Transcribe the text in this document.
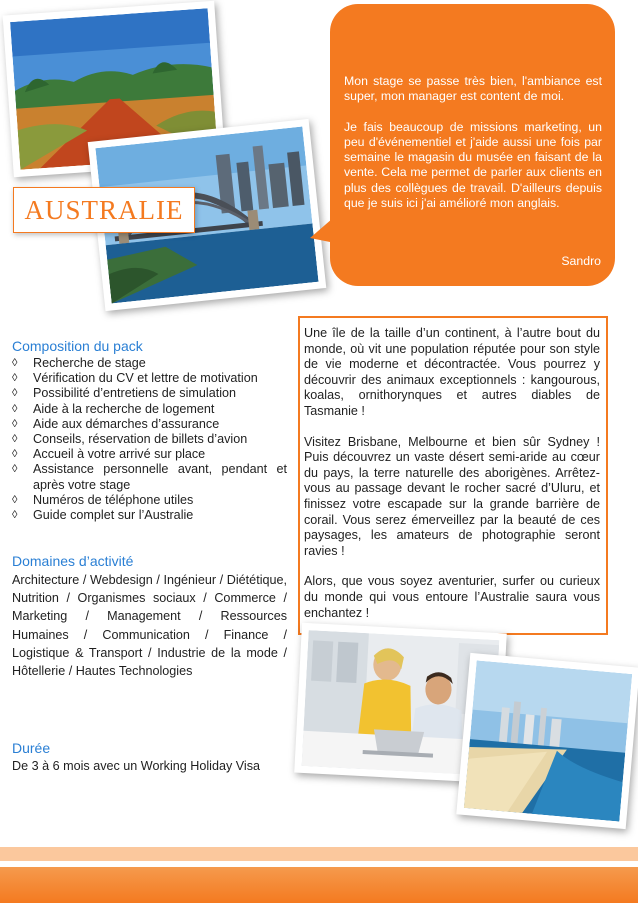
AUSTRALIE

Mon stage se passe très bien, l'ambiance est super, mon manager est content de moi.

Je fais beaucoup de missions marketing, un peu d'événementiel et j'aide aussi une fois par semaine le magasin du musée en faisant de la vente. Cela me permet de parler aux clients en plus des collègues de travail. D'ailleurs depuis que je suis ici j'ai amélioré mon anglais.

Sandro
Composition du pack
◊ Recherche de stage
◊ Vérification du CV et lettre de motivation
◊ Possibilité d’entretiens de simulation
◊ Aide à la recherche de logement
◊ Aide aux démarches d’assurance
◊ Conseils, réservation de billets d’avion
◊ Accueil à votre arrivé sur place
◊ Assistance personnelle avant, pendant et après votre stage
◊ Numéros de téléphone utiles
◊ Guide complet sur l’Australie
Domaines d’activité
Architecture / Webdesign / Ingénieur / Diététique, Nutrition / Organismes sociaux / Commerce / Marketing / Management / Ressources Humaines / Communication / Finance / Logistique & Transport / Industrie de la mode / Hôtellerie / Hautes Technologies
Durée
De 3 à 6 mois avec un Working Holiday Visa

Une île de la taille d’un continent, à l’autre bout du monde, où vit une population réputée pour son style de vie moderne et décontractée. Vous pourrez y découvrir des animaux exceptionnels : kangourous, koalas, ornithorynques et autres diables de Tasmanie !

Visitez Brisbane, Melbourne et bien sûr Sydney ! Puis découvrez un vaste désert semi-aride au cœur du pays, la terre naturelle des aborigènes. Arrêtez-vous au passage devant le rocher sacré d’Uluru, et finissez votre escapade sur la grande barrière de corail. Vous serez émerveillez par la beauté de ces paysages, les amateurs de photographie seront ravies !

Alors, que vous soyez aventurier, surfer ou curieux du monde qui vous entoure l’Australie saura vous enchantez !
